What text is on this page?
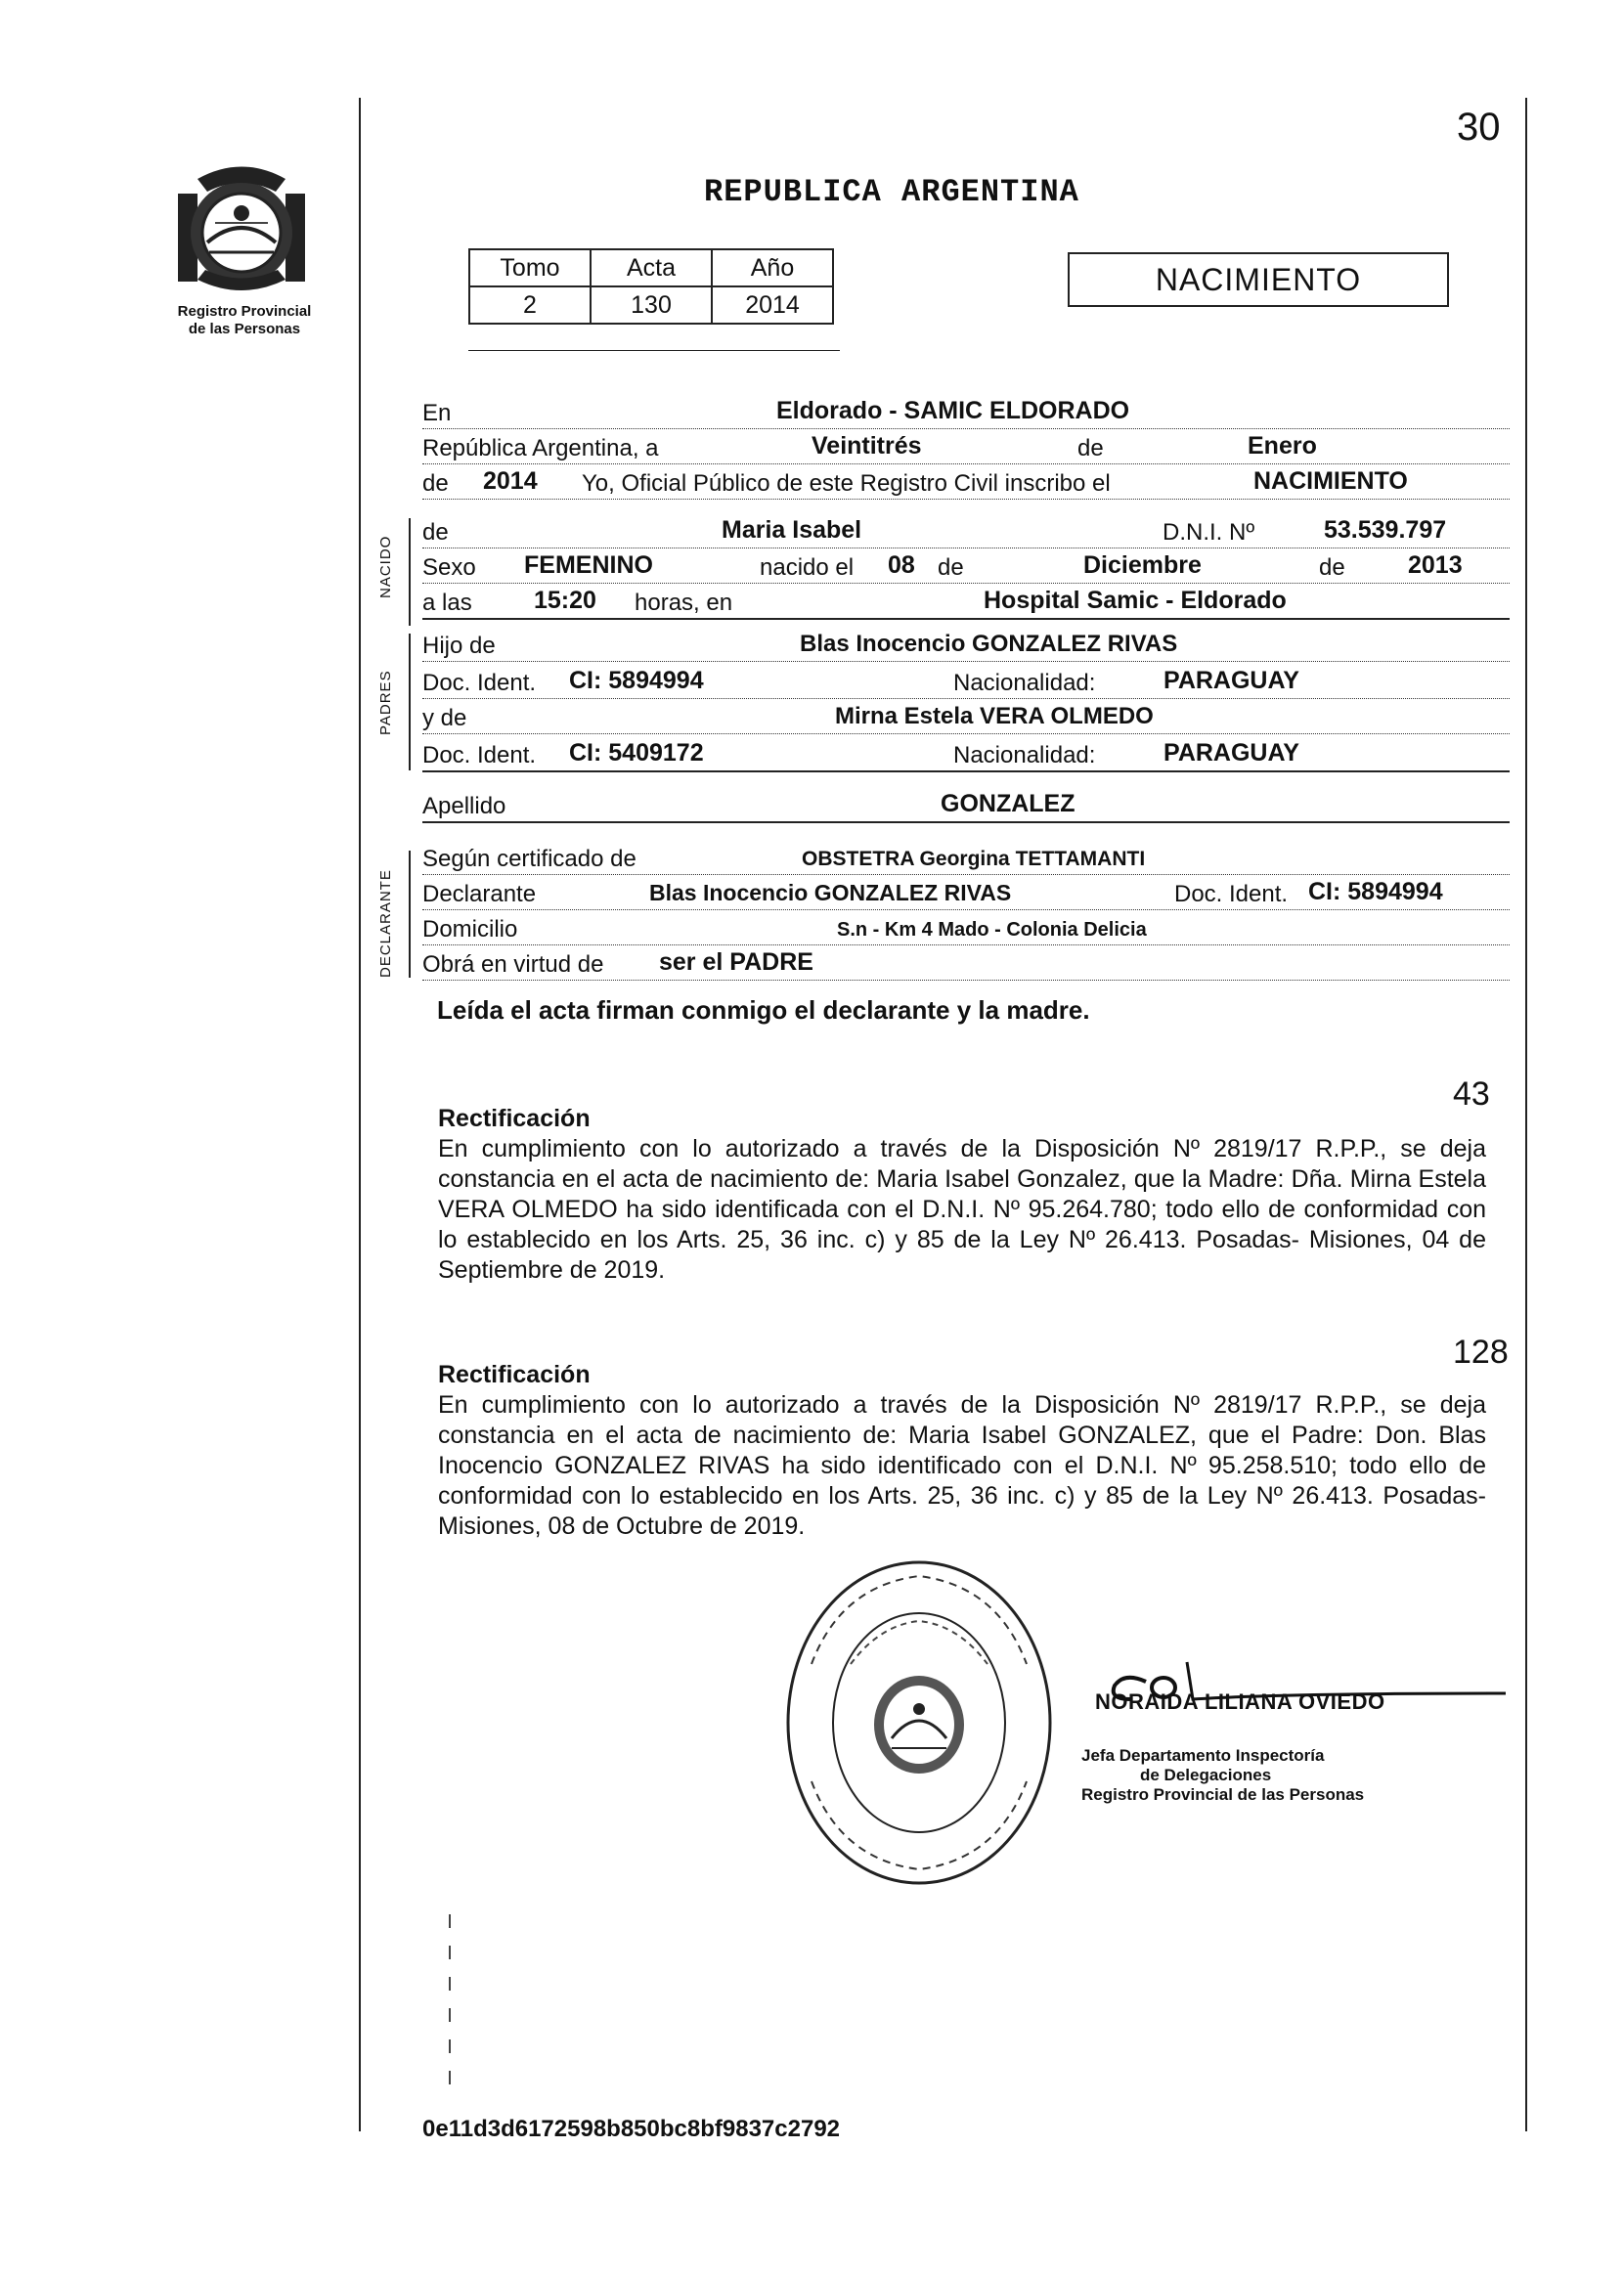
30
Registro Provincial
de las Personas
REPUBLICA ARGENTINA
Tomo	Acta	Año
2	130	2014
NACIMIENTO
En	Eldorado - SAMIC ELDORADO
República Argentina, a	Veintitrés	de	Enero
de 2014 Yo, Oficial Público de este Registro Civil inscribo el	NACIMIENTO
NACIDO
de	Maria Isabel	D.N.I. Nº	53.539.797
Sexo FEMENINO	nacido el 08 de	Diciembre	de	2013
a las	15:20 horas, en	Hospital Samic - Eldorado
PADRES
Hijo de	Blas Inocencio GONZALEZ RIVAS
Doc. Ident. CI: 5894994	Nacionalidad:	PARAGUAY
y de	Mirna Estela VERA OLMEDO
Doc. Ident. CI: 5409172	Nacionalidad:	PARAGUAY
Apellido	GONZALEZ
DECLARANTE
Según certificado de	OBSTETRA Georgina TETTAMANTI
Declarante	Blas Inocencio GONZALEZ RIVAS	Doc. Ident. CI: 5894994
Domicilio	S.n - Km 4 Mado - Colonia Delicia
Obrá en virtud de ser el PADRE
Leída el acta firman conmigo el declarante y la madre.
43
Rectificación
En cumplimiento con lo autorizado a través de la Disposición Nº 2819/17 R.P.P., se deja constancia en el acta de nacimiento de: Maria Isabel Gonzalez, que la Madre: Dña. Mirna Estela VERA OLMEDO ha sido identificada con el D.N.I. Nº 95.264.780; todo ello de conformidad con lo establecido en los Arts. 25, 36 inc. c) y 85 de la Ley Nº 26.413. Posadas- Misiones, 04 de Septiembre de 2019.
128
Rectificación
En cumplimiento con lo autorizado a través de la Disposición Nº 2819/17 R.P.P., se deja constancia en el acta de nacimiento de: Maria Isabel GONZALEZ, que el Padre: Don. Blas Inocencio GONZALEZ RIVAS ha sido identificado con el D.N.I. Nº 95.258.510; todo ello de conformidad con lo establecido en los Arts. 25, 36 inc. c) y 85 de la Ley Nº 26.413. Posadas- Misiones, 08 de Octubre de 2019.
NORAIDA LILIANA OVIEDO
Jefa Departamento Inspectoría
de Delegaciones
Registro Provincial de las Personas
0e11d3d6172598b850bc8bf9837c2792
